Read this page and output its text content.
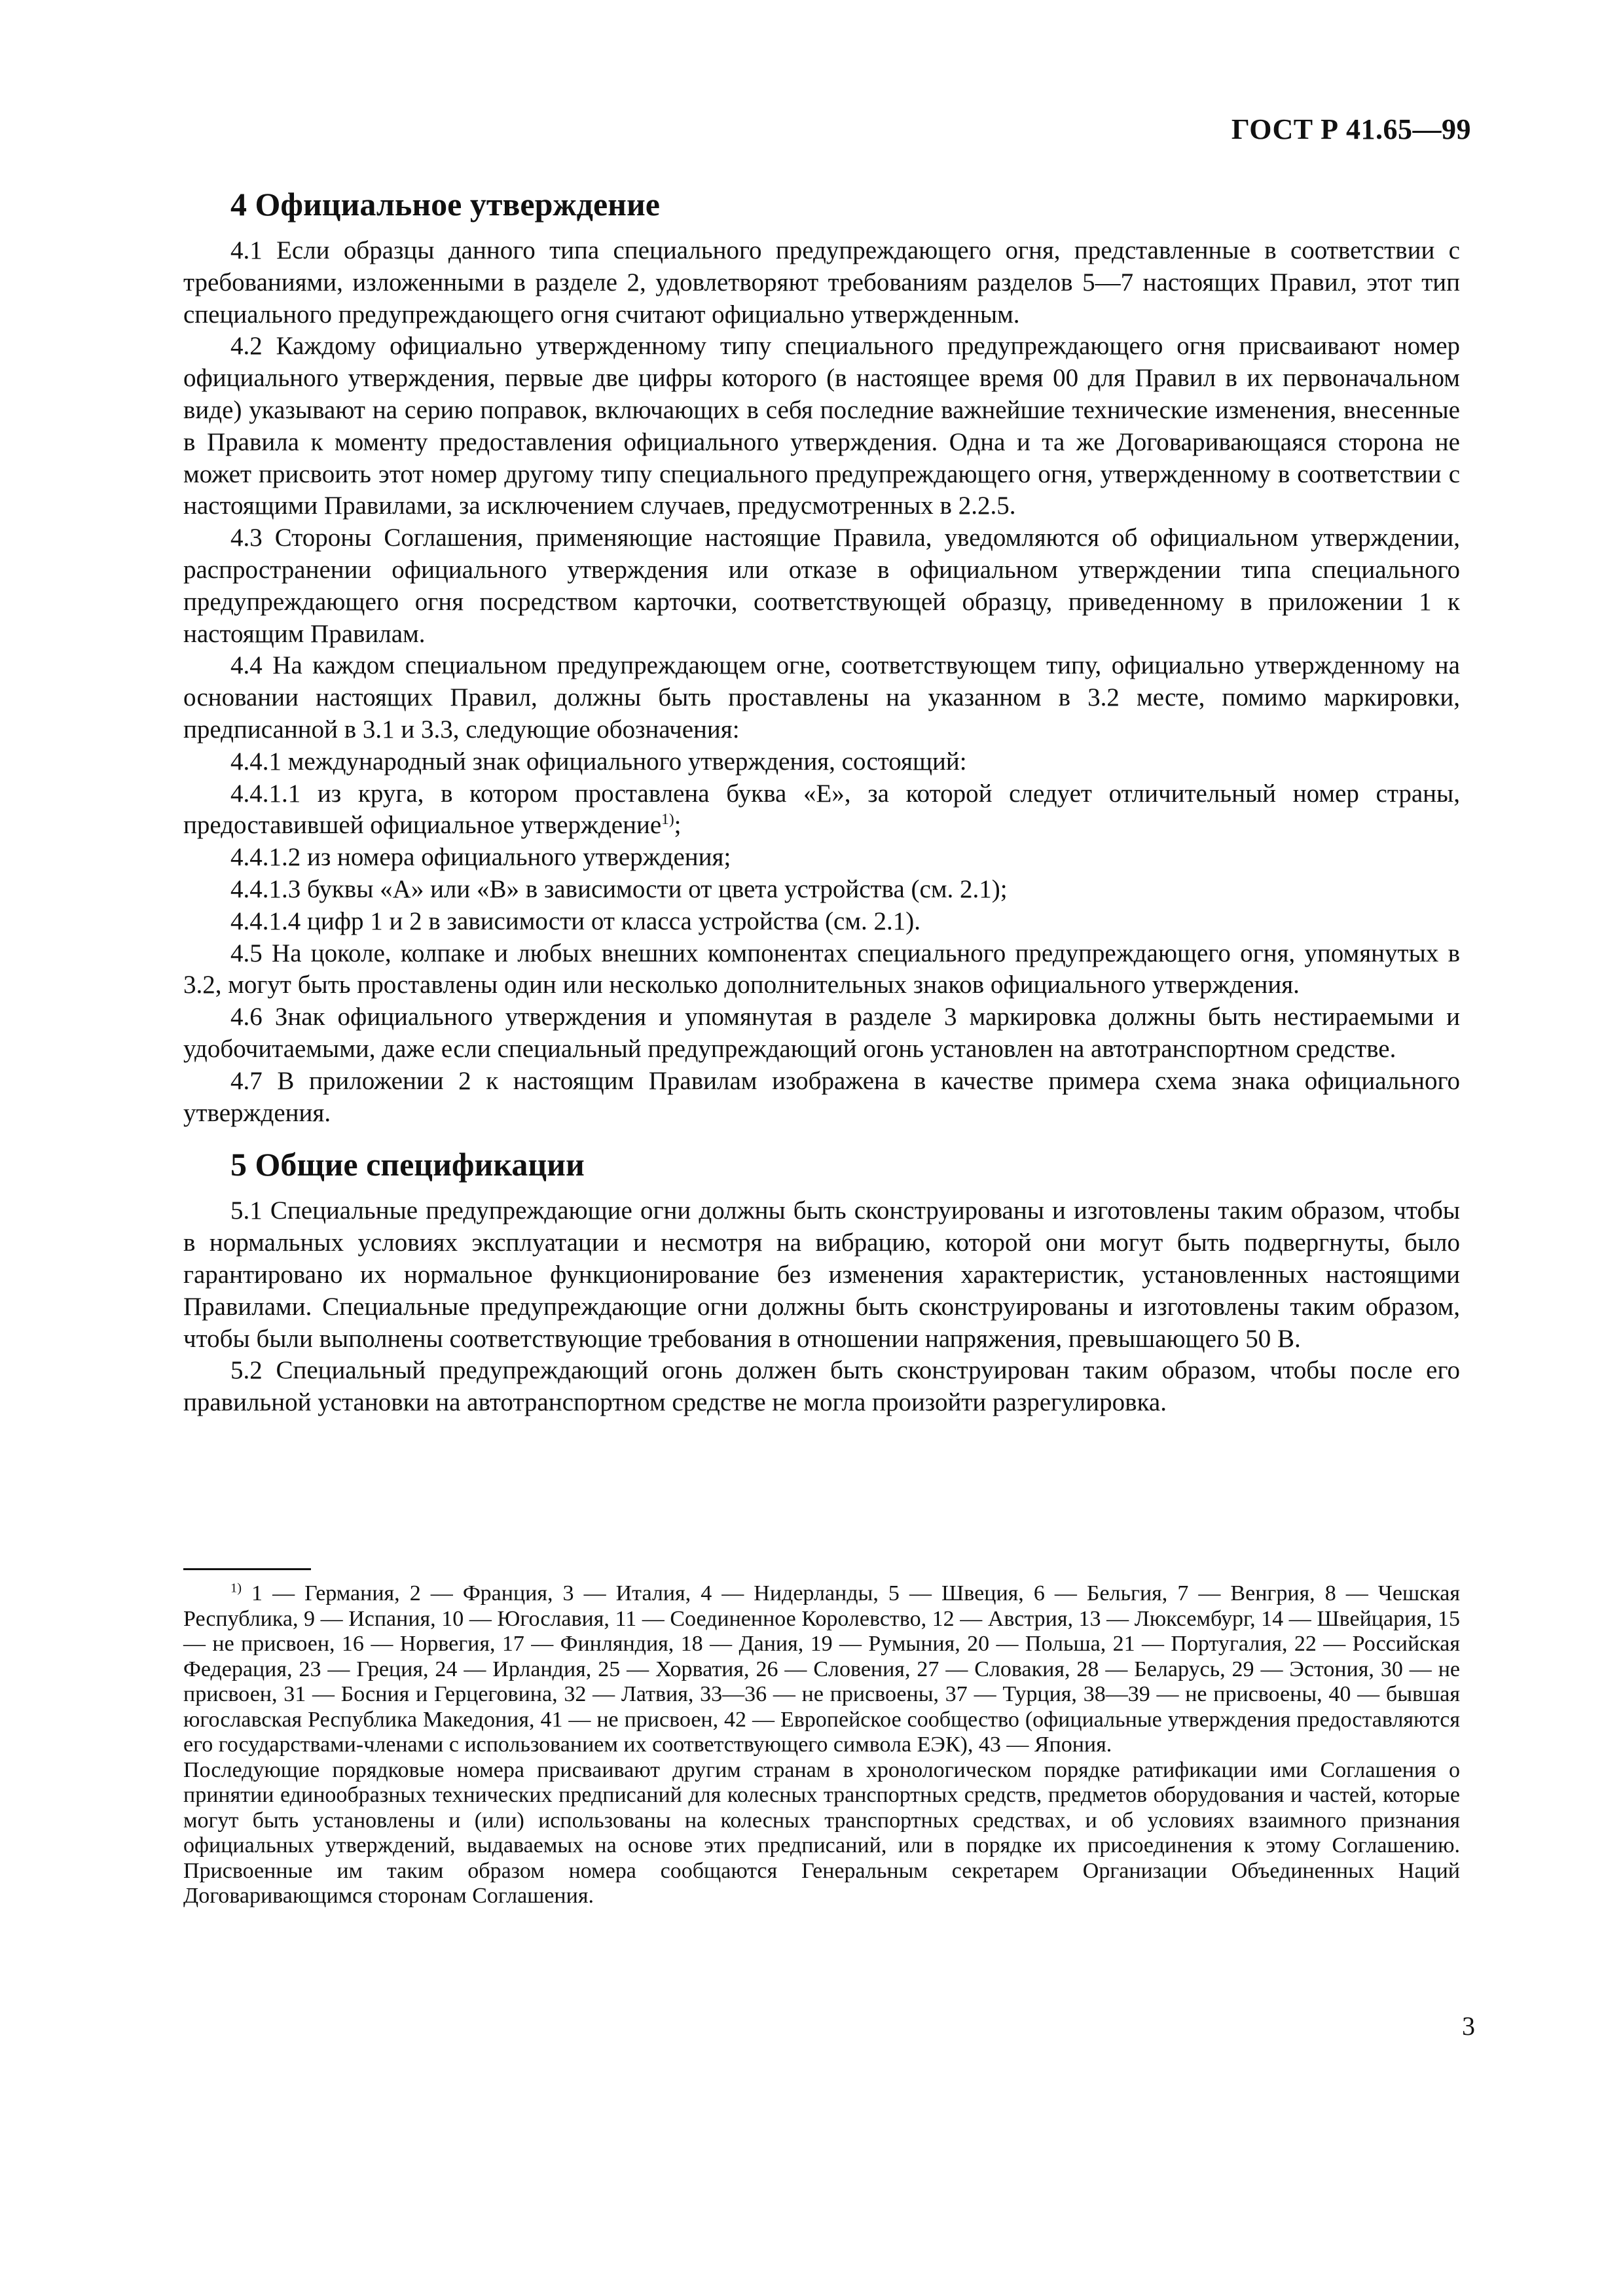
ГОСТ Р 41.65—99
4 Официальное утверждение

4.1 Если образцы данного типа специального предупреждающего огня, представленные в соответствии с требованиями, изложенными в разделе 2, удовлетворяют требованиям разделов 5—7 настоящих Правил, этот тип специального предупреждающего огня считают официально утвержденным.

4.2 Каждому официально утвержденному типу специального предупреждающего огня присваивают номер официального утверждения, первые две цифры которого (в настоящее время 00 для Правил в их первоначальном виде) указывают на серию поправок, включающих в себя последние важнейшие технические изменения, внесенные в Правила к моменту предоставления официального утверждения. Одна и та же Договаривающаяся сторона не может присвоить этот номер другому типу специального предупреждающего огня, утвержденному в соответствии с настоящими Правилами, за исключением случаев, предусмотренных в 2.2.5.

4.3 Стороны Соглашения, применяющие настоящие Правила, уведомляются об официальном утверждении, распространении официального утверждения или отказе в официальном утверждении типа специального предупреждающего огня посредством карточки, соответствующей образцу, приведенному в приложении 1 к настоящим Правилам.

4.4 На каждом специальном предупреждающем огне, соответствующем типу, официально утвержденному на основании настоящих Правил, должны быть проставлены на указанном в 3.2 месте, помимо маркировки, предписанной в 3.1 и 3.3, следующие обозначения:

4.4.1 международный знак официального утверждения, состоящий:

4.4.1.1 из круга, в котором проставлена буква «Е», за которой следует отличительный номер страны, предоставившей официальное утверждение$^{1)}$;

4.4.1.2 из номера официального утверждения;

4.4.1.3 буквы «А» или «В» в зависимости от цвета устройства (см. 2.1);

4.4.1.4 цифр 1 и 2 в зависимости от класса устройства (см. 2.1).

4.5 На цоколе, колпаке и любых внешних компонентах специального предупреждающего огня, упомянутых в 3.2, могут быть проставлены один или несколько дополнительных знаков официального утверждения.

4.6 Знак официального утверждения и упомянутая в разделе 3 маркировка должны быть нестираемыми и удобочитаемыми, даже если специальный предупреждающий огонь установлен на автотранспортном средстве.

4.7 В приложении 2 к настоящим Правилам изображена в качестве примера схема знака официального утверждения.

5 Общие спецификации

5.1 Специальные предупреждающие огни должны быть сконструированы и изготовлены таким образом, чтобы в нормальных условиях эксплуатации и несмотря на вибрацию, которой они могут быть подвергнуты, было гарантировано их нормальное функционирование без изменения характеристик, установленных настоящими Правилами. Специальные предупреждающие огни должны быть сконструированы и изготовлены таким образом, чтобы были выполнены соответствующие требования в отношении напряжения, превышающего 50 В.

5.2 Специальный предупреждающий огонь должен быть сконструирован таким образом, чтобы после его правильной установки на автотранспортном средстве не могла произойти разрегулировка.

$^{1)}$ 1 — Германия, 2 — Франция, 3 — Италия, 4 — Нидерланды, 5 — Швеция, 6 — Бельгия, 7 — Венгрия, 8 — Чешская Республика, 9 — Испания, 10 — Югославия, 11 — Соединенное Королевство, 12 — Австрия, 13 — Люксембург, 14 — Швейцария, 15 — не присвоен, 16 — Норвегия, 17 — Финляндия, 18 — Дания, 19 — Румыния, 20 — Польша, 21 — Португалия, 22 — Российская Федерация, 23 — Греция, 24 — Ирландия, 25 — Хорватия, 26 — Словения, 27 — Словакия, 28 — Беларусь, 29 — Эстония, 30 — не присвоен, 31 — Босния и Герцеговина, 32 — Латвия, 33—36 — не присвоены, 37 — Турция, 38—39 — не присвоены, 40 — бывшая югославская Республика Македония, 41 — не присвоен, 42 — Европейское сообщество (официальные утверждения предоставляются его государствами-членами с использованием их соответствующего символа ЕЭК), 43 — Япония.

Последующие порядковые номера присваивают другим странам в хронологическом порядке ратификации ими Соглашения о принятии единообразных технических предписаний для колесных транспортных средств, предметов оборудования и частей, которые могут быть установлены и (или) использованы на колесных транспортных средствах, и об условиях взаимного признания официальных утверждений, выдаваемых на основе этих предписаний, или в порядке их присоединения к этому Соглашению. Присвоенные им таким образом номера сообщаются Генеральным секретарем Организации Объединенных Наций Договаривающимся сторонам Соглашения.

3
